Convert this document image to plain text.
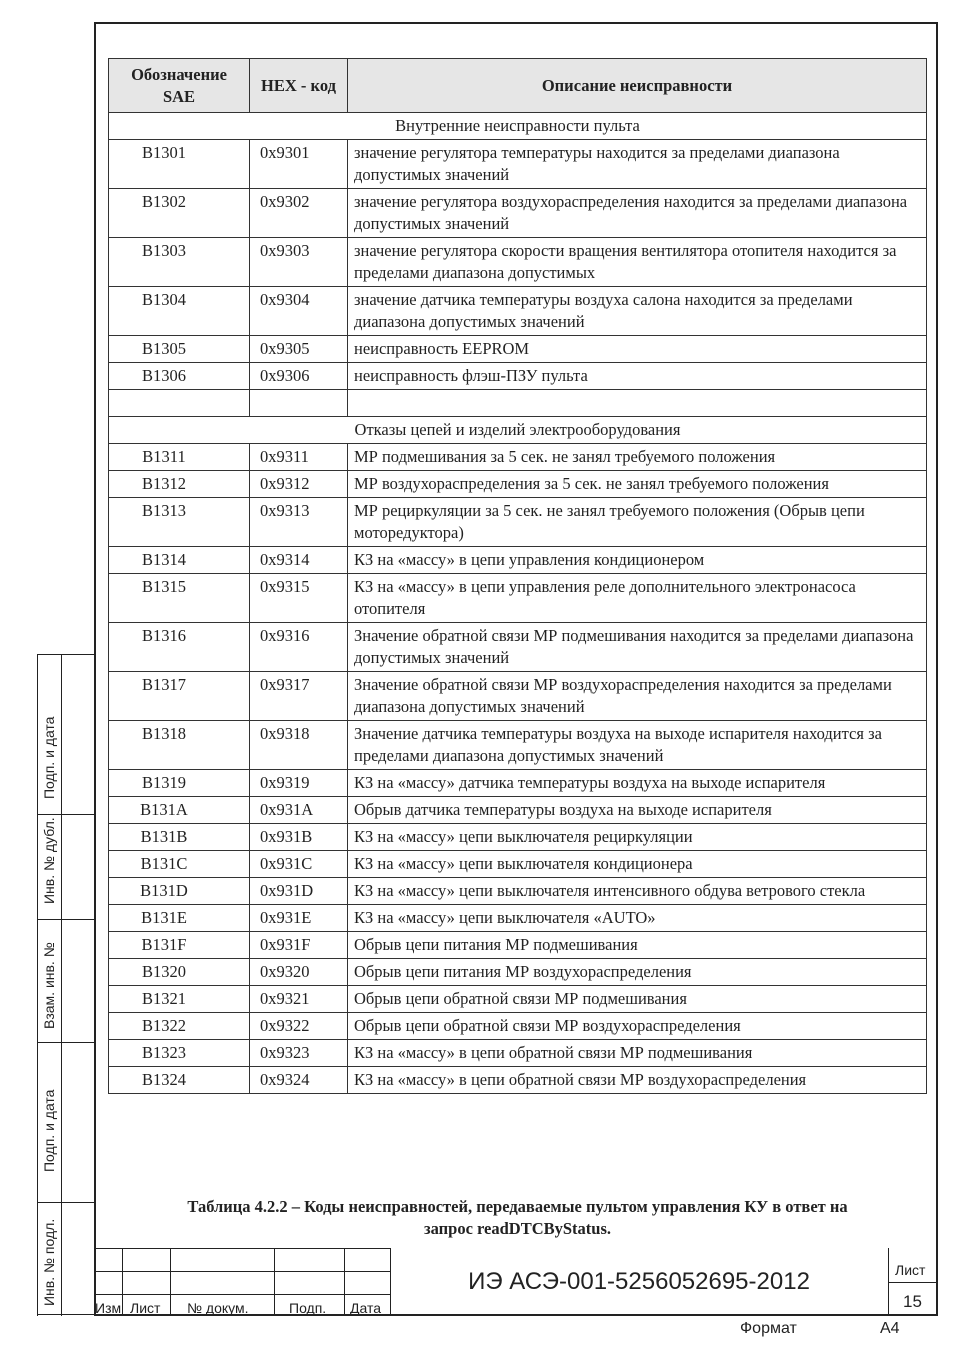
Подп. и дата
Инв. № дубл.
Взам. инв. №
Подп. и дата
Инв. № подл.
Обозначение SAE	HEX - код	Описание неисправности
Внутренние неисправности пульта		
B1301	0x9301	значение регулятора температуры находится за пределами диапазона допустимых значений
B1302	0x9302	значение регулятора воздухораспределения находится за пределами диапазона допустимых значений
B1303	0x9303	значение регулятора скорости вращения вентилятора отопителя находится за пределами диапазона допустимых
B1304	0x9304	значение датчика температуры воздуха салона находится за пределами диапазона допустимых значений
B1305	0x9305	неисправность EEPROM
B1306	0x9306	неисправность флэш-ПЗУ пульта

Отказы цепей и изделий электрооборудования		
B1311	0x9311	МР подмешивания за 5 сек. не занял требуемого положения
B1312	0x9312	МР воздухораспределения за 5 сек. не занял требуемого положения
B1313	0x9313	МР рециркуляции за 5 сек. не занял требуемого положения (Обрыв цепи моторедуктора)
B1314	0x9314	КЗ на «массу» в цепи управления кондиционером
B1315	0x9315	КЗ на «массу» в цепи управления реле дополнительного электронасоса отопителя
B1316	0x9316	Значение обратной связи МР подмешивания находится за пределами диапазона допустимых значений
B1317	0x9317	Значение обратной связи МР воздухораспределения находится за пределами диапазона допустимых значений
B1318	0x9318	Значение датчика температуры воздуха на выходе испарителя находится за пределами диапазона допустимых значений
B1319	0x9319	КЗ на «массу» датчика температуры воздуха на выходе испарителя
B131A	0x931A	Обрыв датчика температуры воздуха на выходе испарителя
B131B	0x931B	КЗ на «массу» цепи выключателя рециркуляции
B131C	0x931C	КЗ на «массу» цепи выключателя кондиционера
B131D	0x931D	КЗ на «массу» цепи выключателя интенсивного обдува ветрового стекла
B131E	0x931E	КЗ на «массу» цепи выключателя «AUTO»
B131F	0x931F	Обрыв цепи питания МР подмешивания
B1320	0x9320	Обрыв цепи питания МР воздухораспределения
B1321	0x9321	Обрыв цепи обратной связи МР подмешивания
B1322	0x9322	Обрыв цепи обратной связи МР воздухораспределения
B1323	0x9323	КЗ на «массу» в цепи обратной связи МР подмешивания
B1324	0x9324	КЗ на «массу» в цепи обратной связи МР воздухораспределения
Таблица 4.2.2 – Коды неисправностей, передаваемые пультом управления КУ в ответ на
запрос readDTCByStatus.
Изм Лист № докум.	Подп. Дата
ИЭ АСЭ-001-5256052695-2012	Лист
15
Формат	А4
